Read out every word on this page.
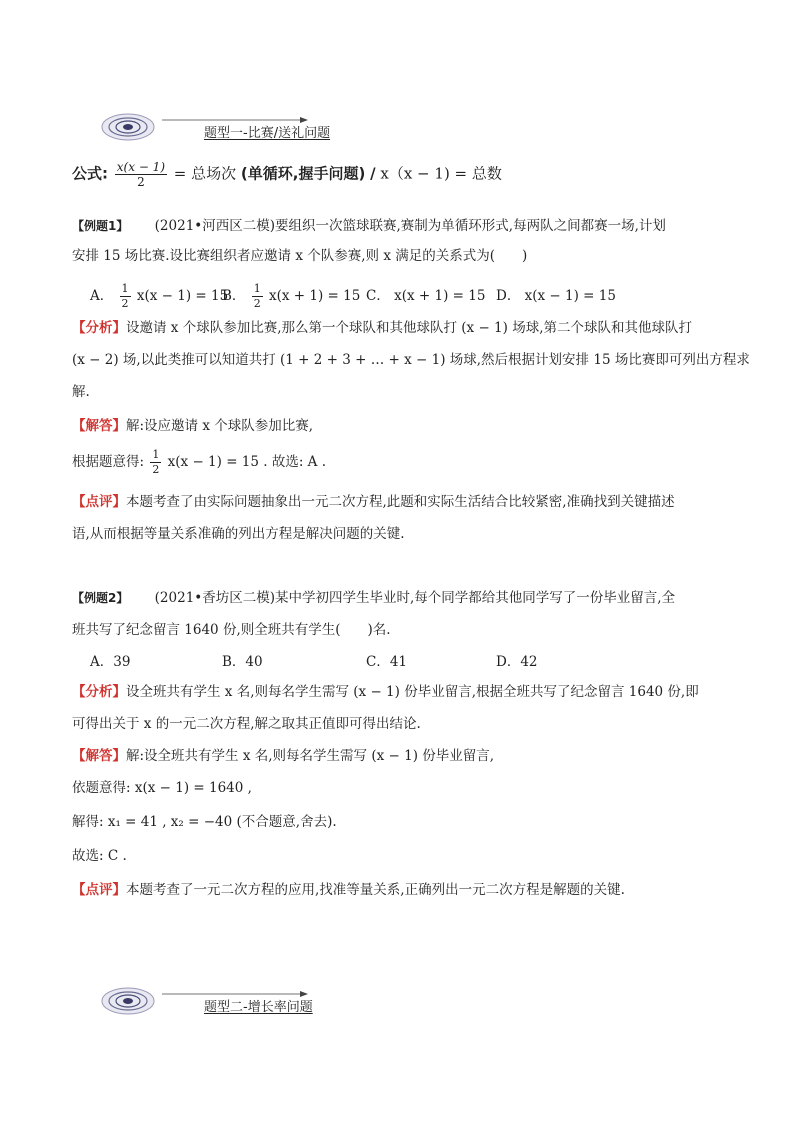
题型一-比赛/送礼问题
公式: $\frac{x(x - 1)}{2}$ = 总场次 (单循环,握手问题) / x（x − 1) = 总数
【例题1】 (2021•河西区二模)要组织一次篮球联赛,赛制为单循环形式,每两队之间都赛一场,计划
安排 15 场比赛.设比赛组织者应邀请 x 个队参赛,则 x 满足的关系式为(　　)
A． $\frac{1}{2} x(x - 1) = 15$
B． $\frac{1}{2} x(x + 1) = 15$ C． x(x + 1) = 15 D． x(x − 1) = 15
【分析】设邀请 x 个球队参加比赛,那么第一个球队和其他球队打 (x − 1) 场球,第二个球队和其他球队打
(x − 2) 场,以此类推可以知道共打 (1 + 2 + 3 + … + x − 1) 场球,然后根据计划安排 15 场比赛即可列出方程求
解.
【解答】解:设应邀请 x 个球队参加比赛,
根据题意得: $\frac{1}{2} x(x - 1) = 15$ . 故选: A .
【点评】本题考查了由实际问题抽象出一元二次方程,此题和实际生活结合比较紧密,准确找到关键描述
语,从而根据等量关系准确的列出方程是解决问题的关键.
【例题2】 (2021•香坊区二模)某中学初四学生毕业时,每个同学都给其他同学写了一份毕业留言,全
班共写了纪念留言 1640 份,则全班共有学生(　　)名.
A．39	B．40	C．41	D．42
【分析】设全班共有学生 x 名,则每名学生需写 (x − 1) 份毕业留言,根据全班共写了纪念留言 1640 份,即
可得出关于 x 的一元二次方程,解之取其正值即可得出结论.
【解答】解:设全班共有学生 x 名,则每名学生需写 (x − 1) 份毕业留言,
依题意得: x(x − 1) = 1640 ,
解得: x₁ = 41 , x₂ = −40 (不合题意,舍去).
故选: C .
【点评】本题考查了一元二次方程的应用,找准等量关系,正确列出一元二次方程是解题的关键.
题型二-增长率问题
